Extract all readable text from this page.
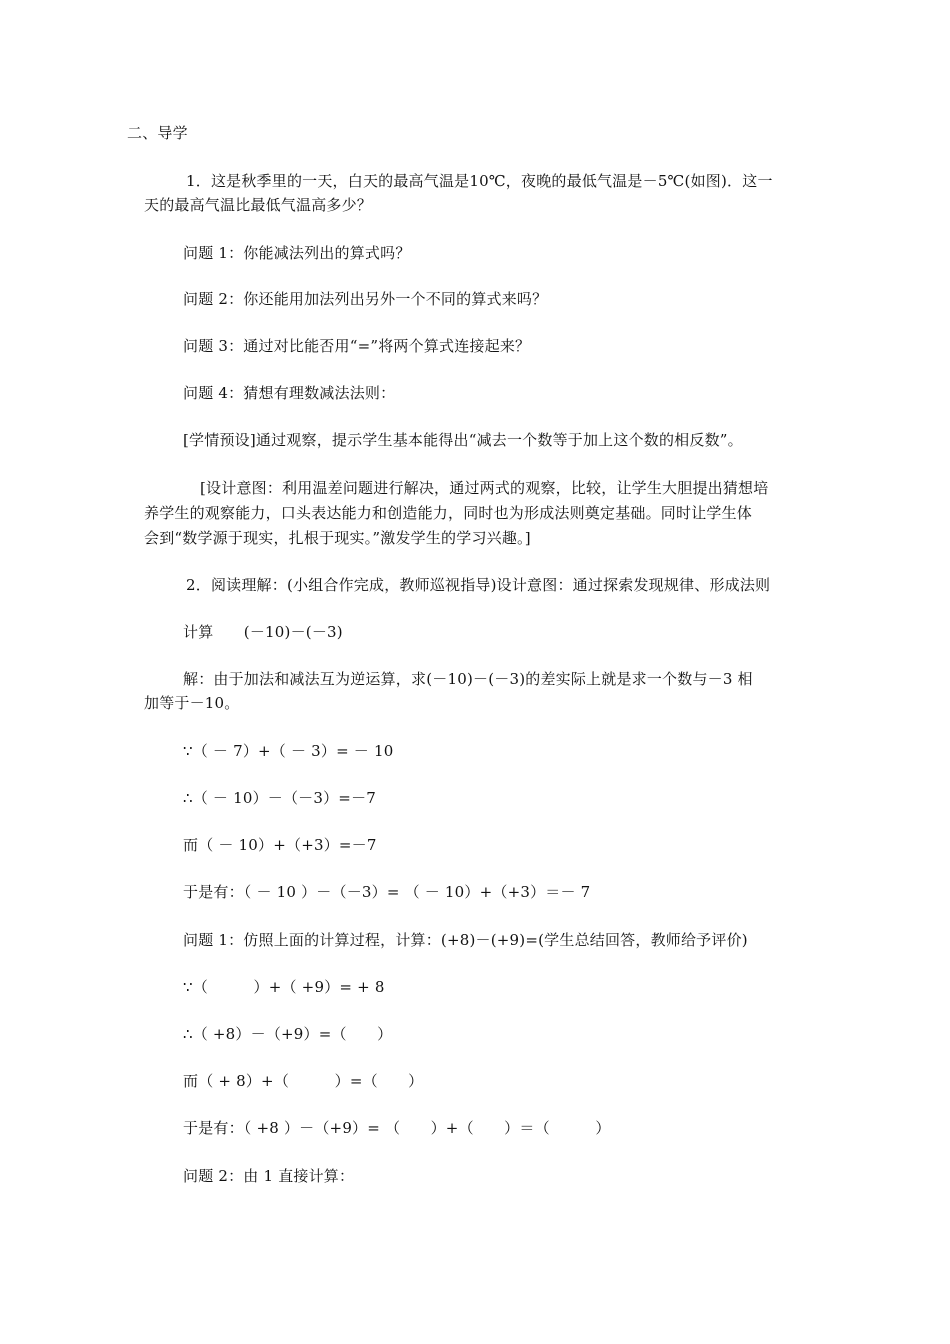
二、导学
1．这是秋季里的一天，白天的最高气温是10℃，夜晚的最低气温是－5℃(如图)．这一
天的最高气温比最低气温高多少？
问题 1：你能减法列出的算式吗？
问题 2：你还能用加法列出另外一个不同的算式来吗？
问题 3：通过对比能否用“=”将两个算式连接起来？
问题 4：猜想有理数减法法则：
[学情预设]通过观察，提示学生基本能得出“减去一个数等于加上这个数的相反数”。
[设计意图：利用温差问题进行解决，通过两式的观察，比较，让学生大胆提出猜想培
养学生的观察能力，口头表达能力和创造能力，同时也为形成法则奠定基础。同时让学生体
会到“数学源于现实，扎根于现实。”激发学生的学习兴趣。]
2．阅读理解：(小组合作完成，教师巡视指导)设计意图：通过探索发现规律、形成法则
计算　　(－10)－(－3)
解：由于加法和减法互为逆运算，求(－10)－(－3)的差实际上就是求一个数与－3 相
加等于－10。
∵（ － 7）+（ － 3）= － 10
∴（ － 10）－（－3）=－7
而（ － 10）+（+3）=－7
于是有：（ － 10 ）－（－3）= （ － 10）+（+3）＝－ 7
问题 1：仿照上面的计算过程，计算：(+8)－(+9)=(学生总结回答，教师给予评价)
∵（　　　）+（ +9）= + 8
∴（ +8）－（+9）=（　　）
而（ + 8）+（　　　）=（　　）
于是有：（ +8 ）－（+9）= （　　）+（　　）＝（　　　）
问题 2：由 1 直接计算：
